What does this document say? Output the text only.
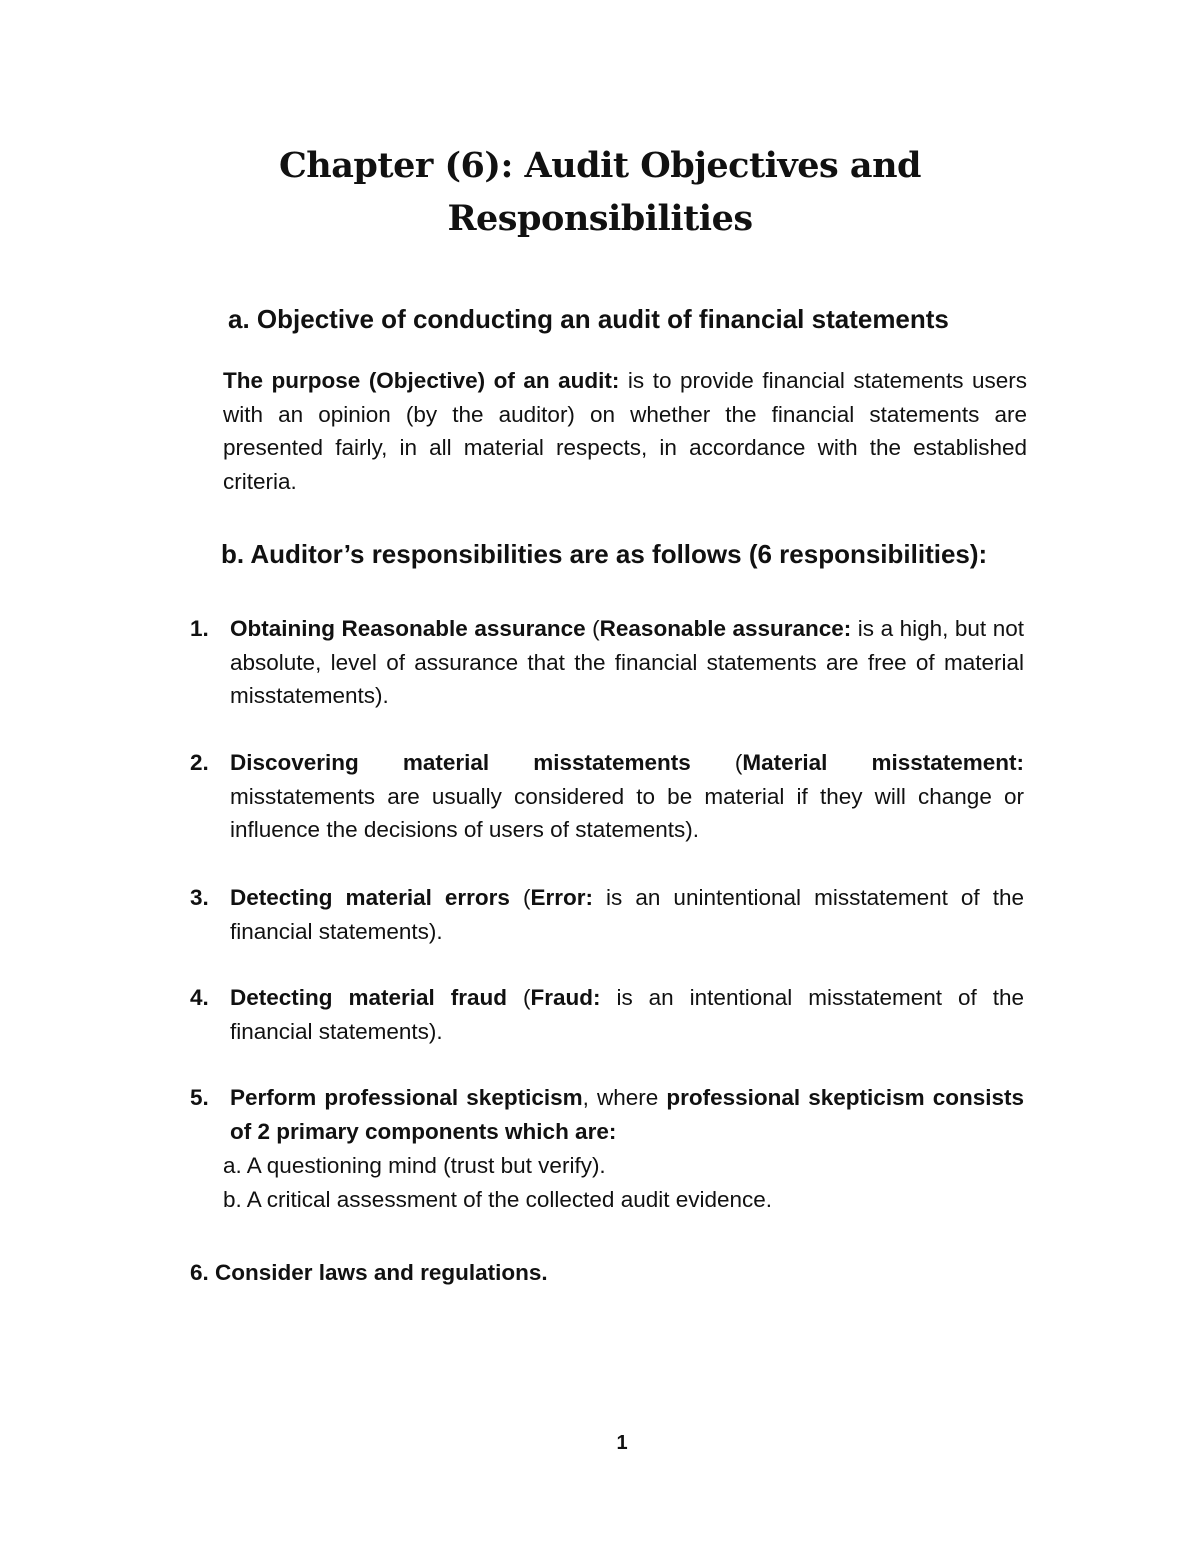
Chapter (6): Audit Objectives and
Responsibilities
a. Objective of conducting an audit of financial statements

The purpose (Objective) of an audit: is to provide financial statements users with an opinion (by the auditor) on whether the financial statements are presented fairly, in all material respects, in accordance with the established criteria.

b. Auditor’s responsibilities are as follows (6 responsibilities):
1. Obtaining Reasonable assurance (Reasonable assurance: is a high, but not absolute, level of assurance that the financial statements are free of material misstatements).
2. Discovering material misstatements (Material misstatement: misstatements are usually considered to be material if they will change or influence the decisions of users of statements).
3. Detecting material errors (Error: is an unintentional misstatement of the financial statements).
4. Detecting material fraud (Fraud: is an intentional misstatement of the financial statements).
5. Perform professional skepticism, where professional skepticism consists of 2 primary components which are:
a. A questioning mind (trust but verify).
b. A critical assessment of the collected audit evidence.
6. Consider laws and regulations.
1
